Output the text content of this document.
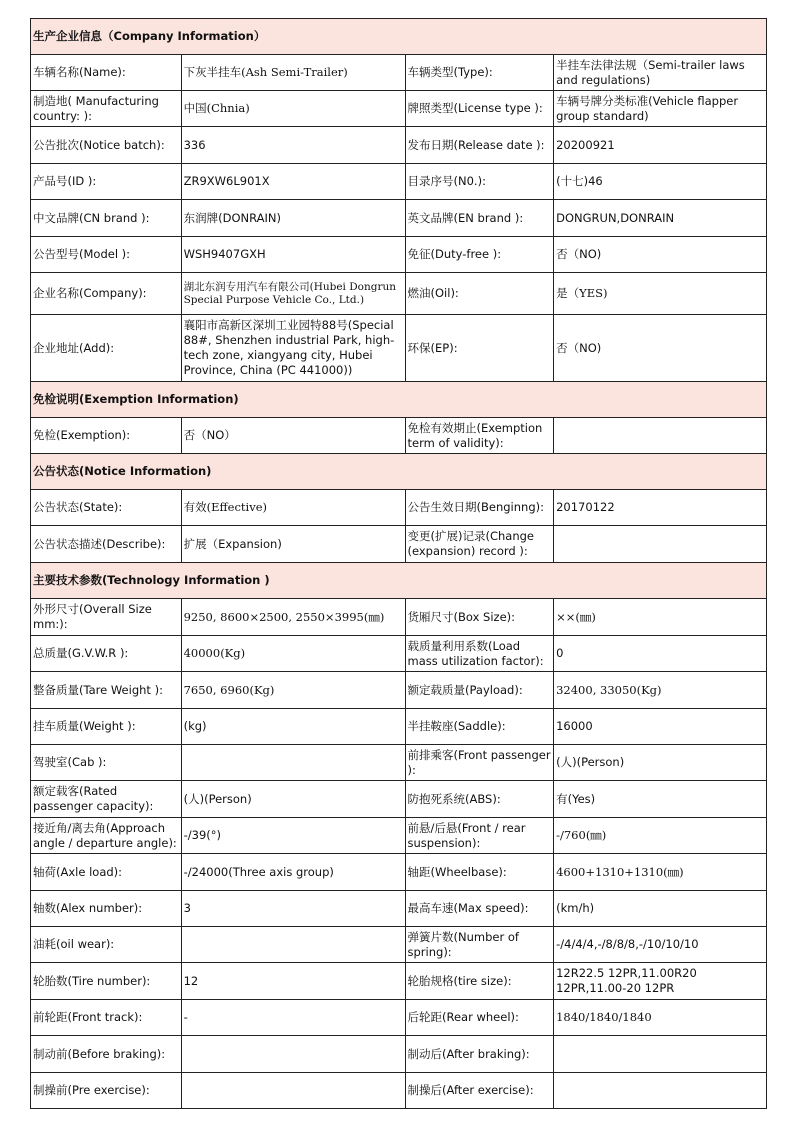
生产企业信息（Company Information）			
车辆名称(Name):	下灰半挂车(Ash Semi-Trailer)	车辆类型(Type):	半挂车法律法规（Semi-trailer laws and regulations)
制造地( Manufacturing country: ):	中国(Chnia)	牌照类型(License type ):	车辆号牌分类标准(Vehicle flapper group standard)
公告批次(Notice batch):	336	发布日期(Release date ):	20200921
产品号(ID ):	ZR9XW6L901X	目录序号(N0.):	(十七)46
中文品牌(CN brand ):	东润牌(DONRAIN)	英文品牌(EN brand ):	DONGRUN,DONRAIN
公告型号(Model ):	WSH9407GXH	免征(Duty-free ):	否（NO)
企业名称(Company):	湖北东润专用汽车有限公司(Hubei Dongrun Special Purpose Vehicle Co., Ltd.)	燃油(Oil):	是（YES)
企业地址(Add):	襄阳市高新区深圳工业园特88号(Special 88#, Shenzhen industrial Park, high-tech zone, xiangyang city, Hubei Province, China (PC 441000))	环保(EP):	否（NO)
免检说明(Exemption Information)			
免检(Exemption):	否（NO）	免检有效期止(Exemption term of validity):	
公告状态(Notice Information)			
公告状态(State):	有效(Effective)	公告生效日期(Benginng):	20170122
公告状态描述(Describe):	扩展（Expansion)	变更(扩展)记录(Change (expansion) record ):	
主要技术参数(Technology Information )			
外形尺寸(Overall Size mm:):	9250, 8600×2500, 2550×3995(㎜)	货厢尺寸(Box Size):	××(㎜)
总质量(G.V.W.R ):	40000(Kg)	载质量利用系数(Load mass utilization factor):	0
整备质量(Tare Weight ):	7650, 6960(Kg)	额定载质量(Payload):	32400, 33050(Kg)
挂车质量(Weight ):	(kg)	半挂鞍座(Saddle):	16000
驾驶室(Cab ):		前排乘客(Front passenger ):	(人)(Person)
额定载客(Rated passenger capacity):	(人)(Person)	防抱死系统(ABS):	有(Yes)
接近角/离去角(Approach angle / departure angle):	-/39(°)	前悬/后悬(Front / rear suspension):	-/760(㎜)
轴荷(Axle load):	-/24000(Three axis group)	轴距(Wheelbase):	4600+1310+1310(㎜)
轴数(Alex number):	3	最高车速(Max speed):	(km/h)
油耗(oil wear):		弹簧片数(Number of spring):	-/4/4/4,-/8/8/8,-/10/10/10
轮胎数(Tire number):	12	轮胎规格(tire size):	12R22.5 12PR,11.00R20 12PR,11.00-20 12PR
前轮距(Front track):	-	后轮距(Rear wheel):	1840/1840/1840
制动前(Before braking):		制动后(After braking):	
制操前(Pre exercise):		制操后(After exercise):	
